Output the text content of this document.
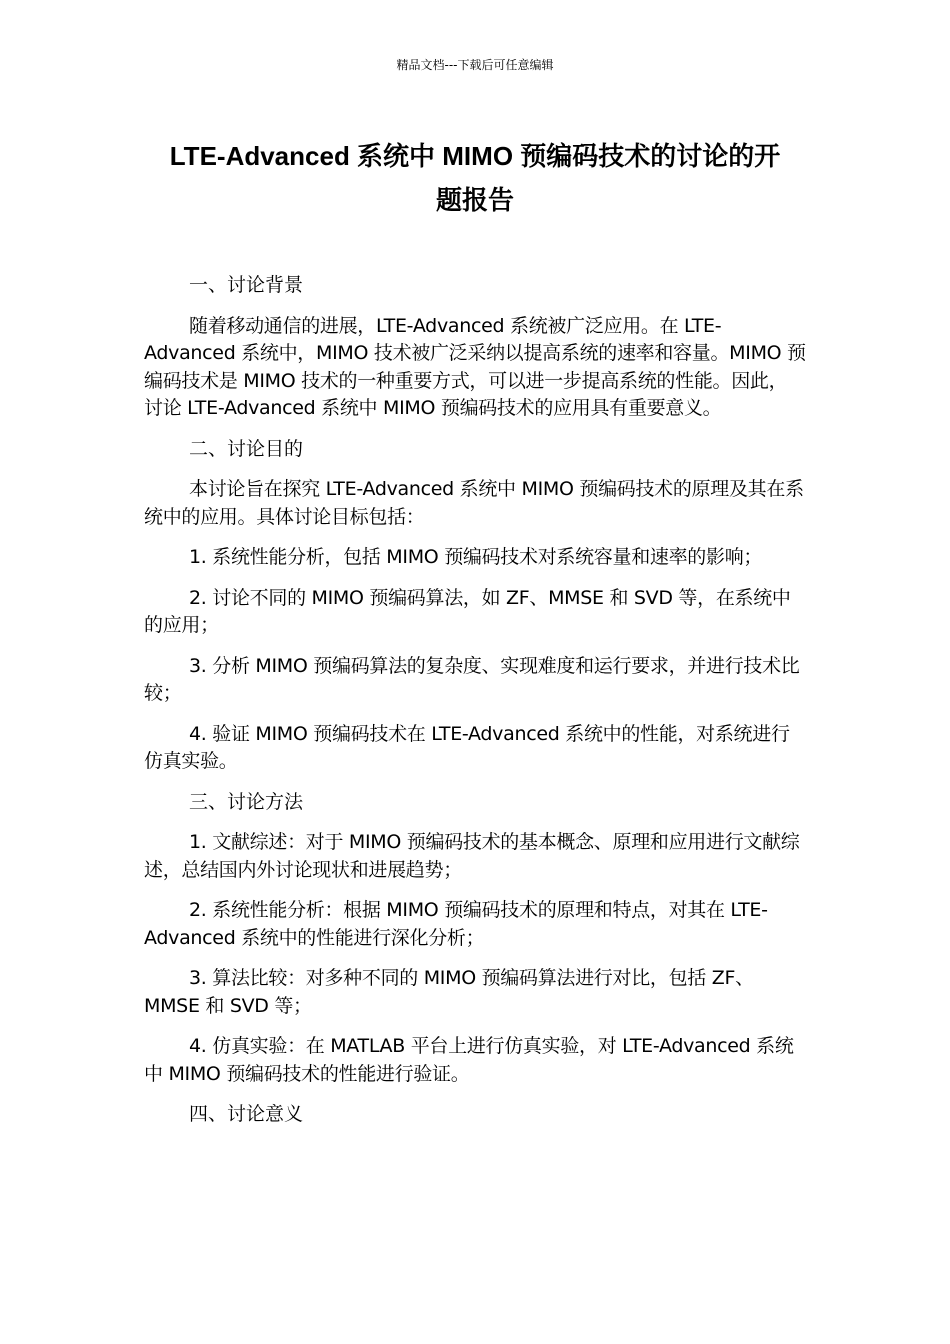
精品文档---下载后可任意编辑
LTE-Advanced 系统中 MIMO 预编码技术的讨论的开
题报告

一、讨论背景

随着移动通信的进展，LTE-Advanced 系统被广泛应用。在 LTE-Advanced 系统中，MIMO 技术被广泛采纳以提高系统的速率和容量。MIMO 预编码技术是 MIMO 技术的一种重要方式，可以进一步提高系统的性能。因此，讨论 LTE-Advanced 系统中 MIMO 预编码技术的应用具有重要意义。

二、讨论目的

本讨论旨在探究 LTE-Advanced 系统中 MIMO 预编码技术的原理及其在系统中的应用。具体讨论目标包括：

1. 系统性能分析，包括 MIMO 预编码技术对系统容量和速率的影响；

2. 讨论不同的 MIMO 预编码算法，如 ZF、MMSE 和 SVD 等，在系统中的应用；

3. 分析 MIMO 预编码算法的复杂度、实现难度和运行要求，并进行技术比较；

4. 验证 MIMO 预编码技术在 LTE-Advanced 系统中的性能，对系统进行仿真实验。

三、讨论方法

1. 文献综述：对于 MIMO 预编码技术的基本概念、原理和应用进行文献综述，总结国内外讨论现状和进展趋势；

2. 系统性能分析：根据 MIMO 预编码技术的原理和特点，对其在 LTE-Advanced 系统中的性能进行深化分析；

3. 算法比较：对多种不同的 MIMO 预编码算法进行对比，包括 ZF、MMSE 和 SVD 等；

4. 仿真实验：在 MATLAB 平台上进行仿真实验，对 LTE-Advanced 系统中 MIMO 预编码技术的性能进行验证。

四、讨论意义
